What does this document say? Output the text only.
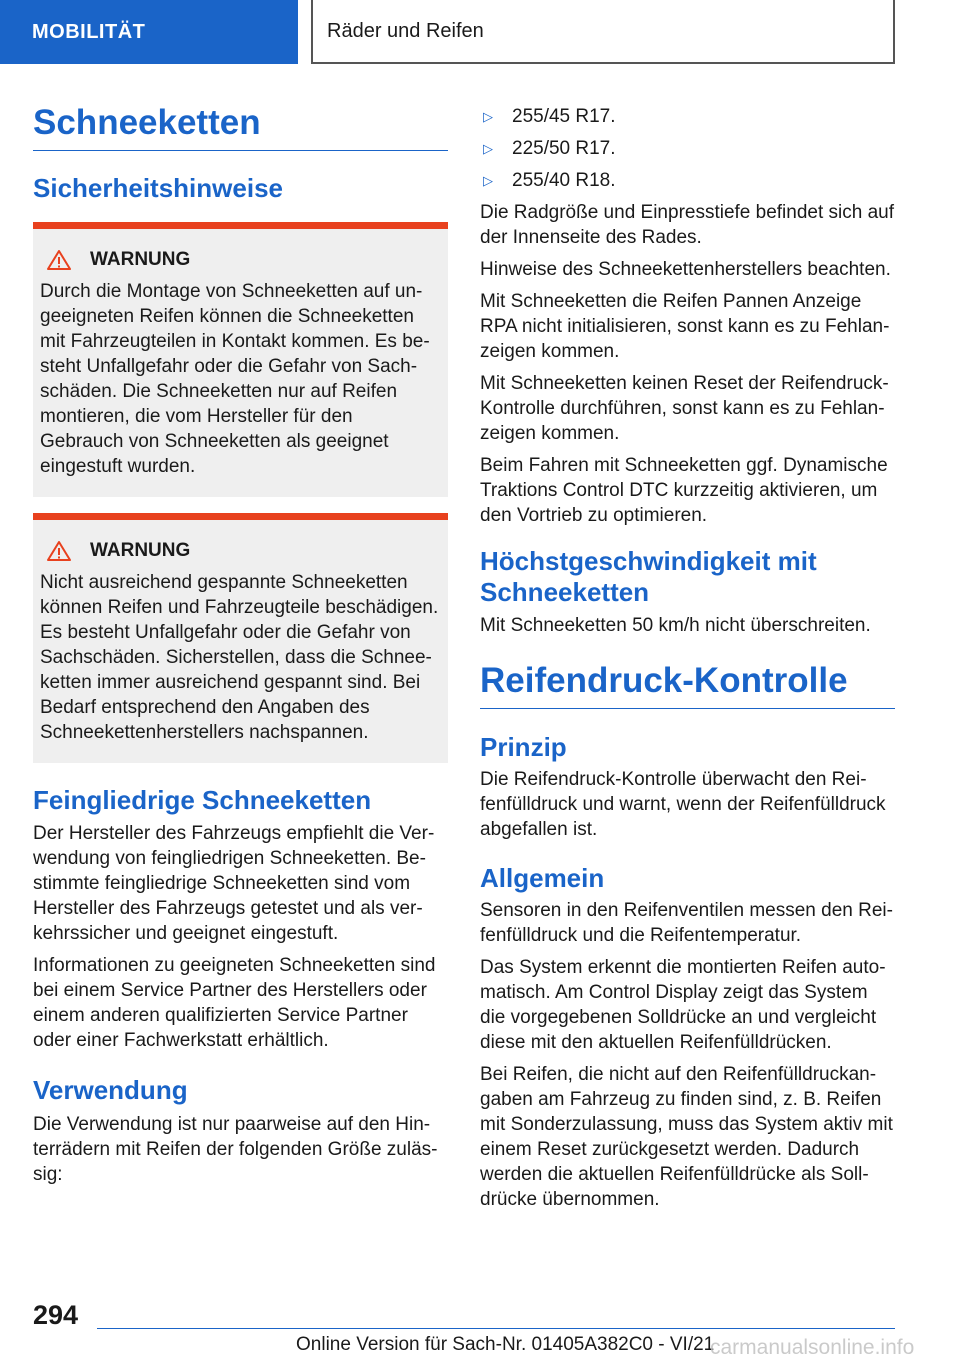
MOBILITÄT	Räder und Reifen
Schneeketten
Sicherheitshinweise
WARNUNG

Durch die Montage von Schneeketten auf ungeeigneten Reifen können die Schneeketten mit Fahrzeugteilen in Kontakt kommen. Es besteht Unfallgefahr oder die Gefahr von Sachschäden. Die Schneeketten nur auf Reifen montieren, die vom Hersteller für den Gebrauch von Schneeketten als geeignet eingestuft wurden.

WARNUNG

Nicht ausreichend gespannte Schneeketten können Reifen und Fahrzeugteile beschädigen. Es besteht Unfallgefahr oder die Gefahr von Sachschäden. Sicherstellen, dass die Schneeketten immer ausreichend gespannt sind. Bei Bedarf entsprechend den Angaben des Schneekettenherstellers nachspannen.

Feingliedrige Schneeketten

Der Hersteller des Fahrzeugs empfiehlt die Verwendung von feingliedrigen Schneeketten. Bestimmte feingliedrige Schneeketten sind vom Hersteller des Fahrzeugs getestet und als verkehrssicher und geeignet eingestuft.

Informationen zu geeigneten Schneeketten sind bei einem Service Partner des Herstellers oder einem anderen qualifizierten Service Partner oder einer Fachwerkstatt erhältlich.

Verwendung

Die Verwendung ist nur paarweise auf den Hinterrädern mit Reifen der folgenden Größe zulässig:

▷	255/45 R17.
▷	225/50 R17.
▷	255/40 R18.

Die Radgröße und Einpresstiefe befindet sich auf der Innenseite des Rades.

Hinweise des Schneekettenherstellers beachten.

Mit Schneeketten die Reifen Pannen Anzeige RPA nicht initialisieren, sonst kann es zu Fehlanzeigen kommen.

Mit Schneeketten keinen Reset der Reifendruck-Kontrolle durchführen, sonst kann es zu Fehlanzeigen kommen.

Beim Fahren mit Schneeketten ggf. Dynamische Traktions Control DTC kurzzeitig aktivieren, um den Vortrieb zu optimieren.

Höchstgeschwindigkeit mit Schneeketten

Mit Schneeketten 50 km/h nicht überschreiten.

Reifendruck-Kontrolle
Prinzip

Die Reifendruck-Kontrolle überwacht den Reifenfülldruck und warnt, wenn der Reifenfülldruck abgefallen ist.

Allgemein

Sensoren in den Reifenventilen messen den Reifenfülldruck und die Reifentemperatur.

Das System erkennt die montierten Reifen automatisch. Am Control Display zeigt das System die vorgegebenen Solldrücke an und vergleicht diese mit den aktuellen Reifenfülldrücken.

Bei Reifen, die nicht auf den Reifenfülldruckangaben am Fahrzeug zu finden sind, z. B. Reifen mit Sonderzulassung, muss das System aktiv mit einem Reset zurückgesetzt werden. Dadurch werden die aktuellen Reifenfülldrücke als Solldrücke übernommen.

294
Online Version für Sach-Nr. 01405A382C0 - VI/21
carmanualsonline.info
